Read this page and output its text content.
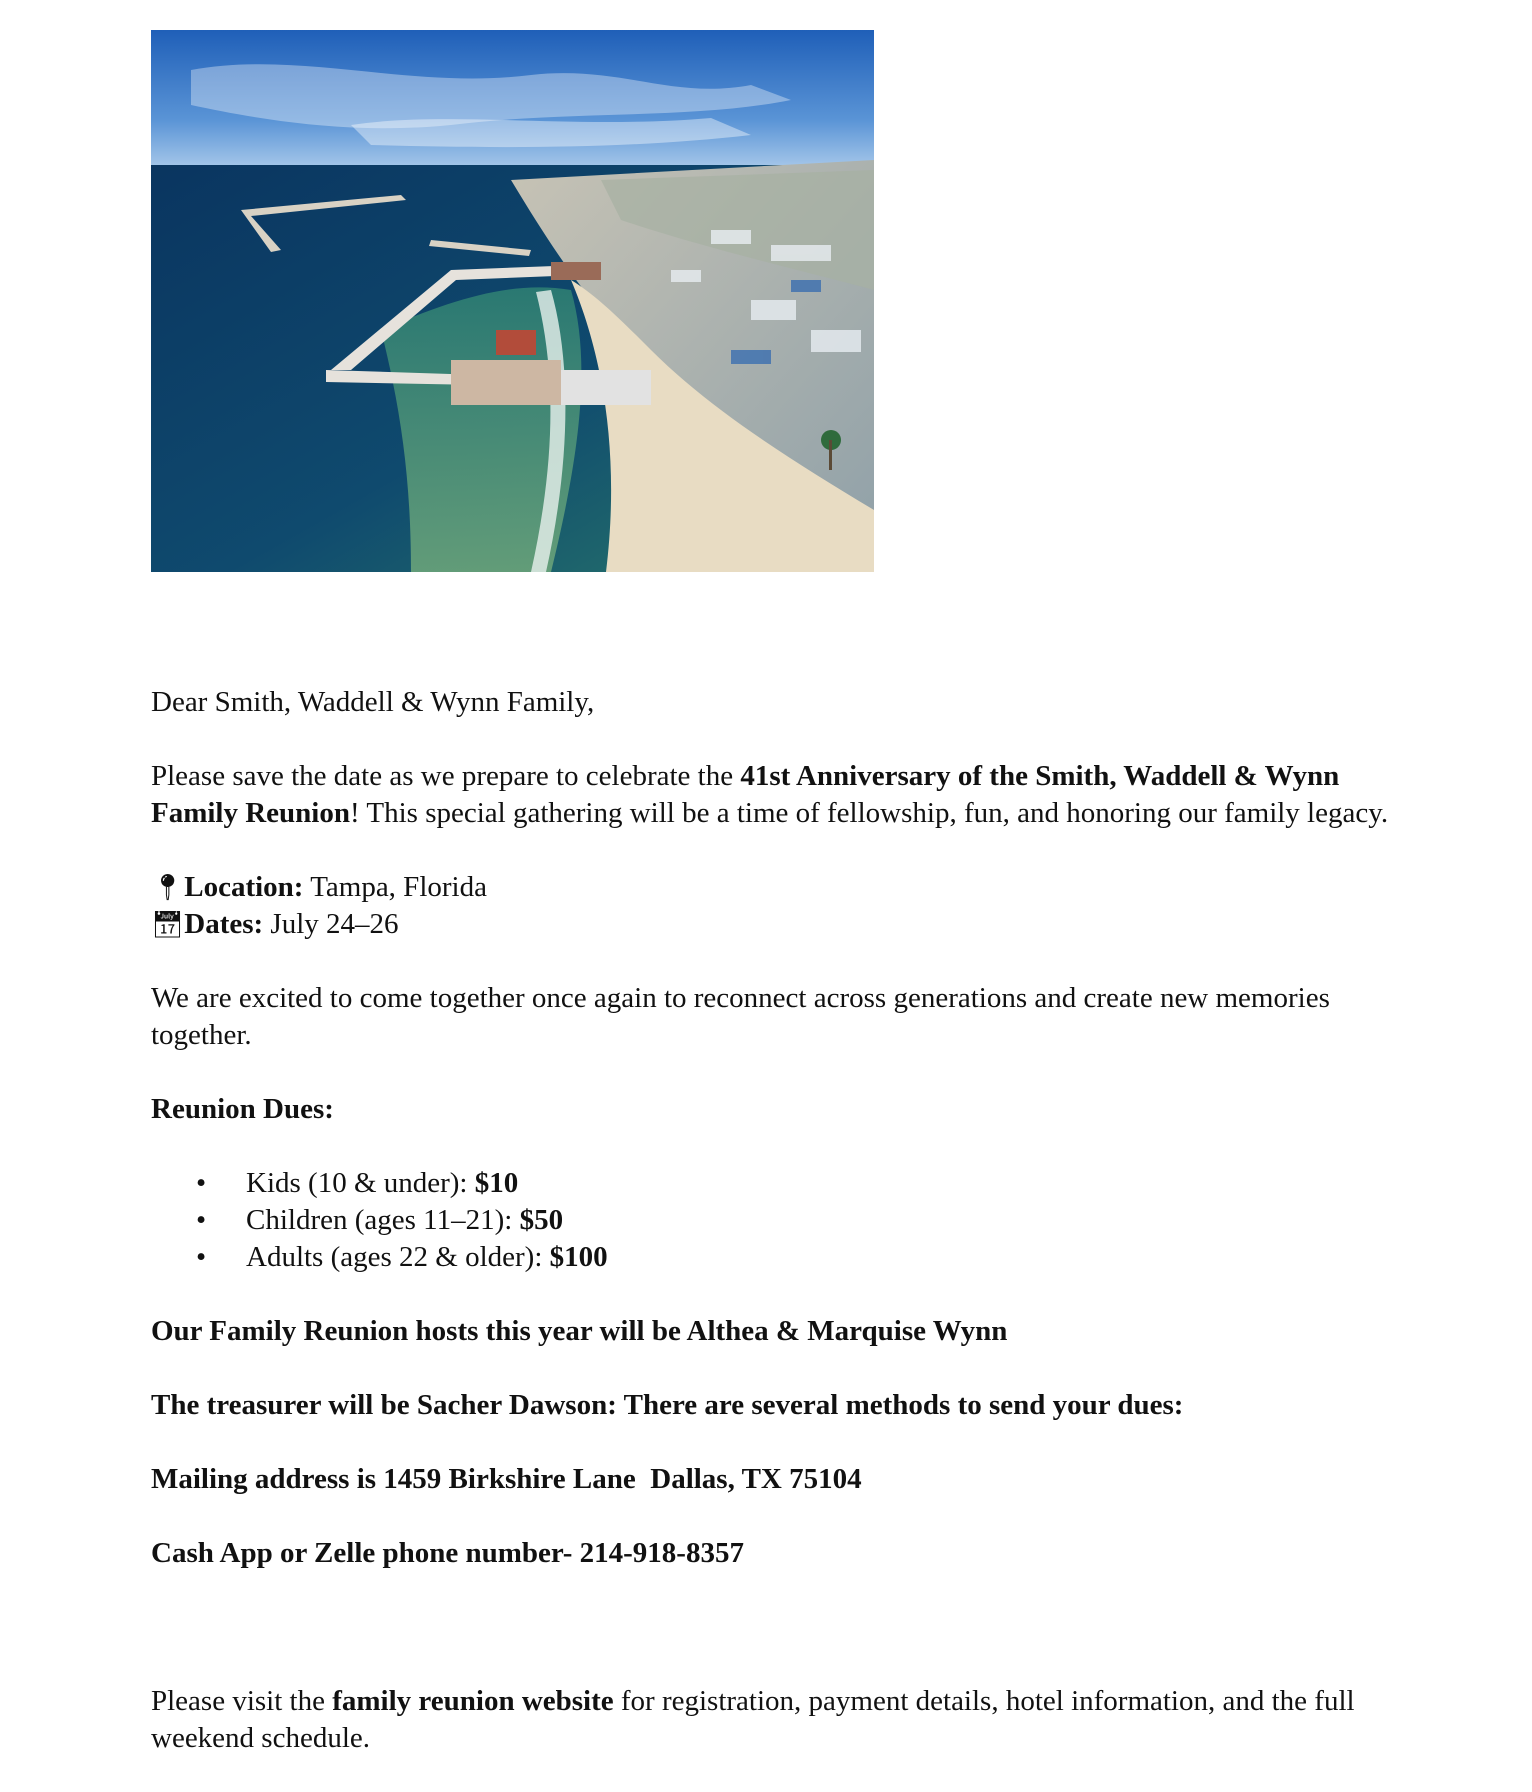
Dear Smith, Waddell & Wynn Family,

Please save the date as we prepare to celebrate the 41st Anniversary of the Smith, Waddell & Wynn Family Reunion! This special gathering will be a time of fellowship, fun, and honoring our family legacy.

📍︎ Location: Tampa, Florida

📅︎ Dates: July 24–26

We are excited to come together once again to reconnect across generations and create new memories together.

Reunion Dues:

• Kids (10 & under): $10
• Children (ages 11–21): $50
• Adults (ages 22 & older): $100

Our Family Reunion hosts this year will be Althea & Marquise Wynn

The treasurer will be Sacher Dawson: There are several methods to send your dues:

Mailing address is 1459 Birkshire Lane  Dallas, TX 75104

Cash App or Zelle phone number- 214-918-8357

Please visit the family reunion website for registration, payment details, hotel information, and the full weekend schedule.
